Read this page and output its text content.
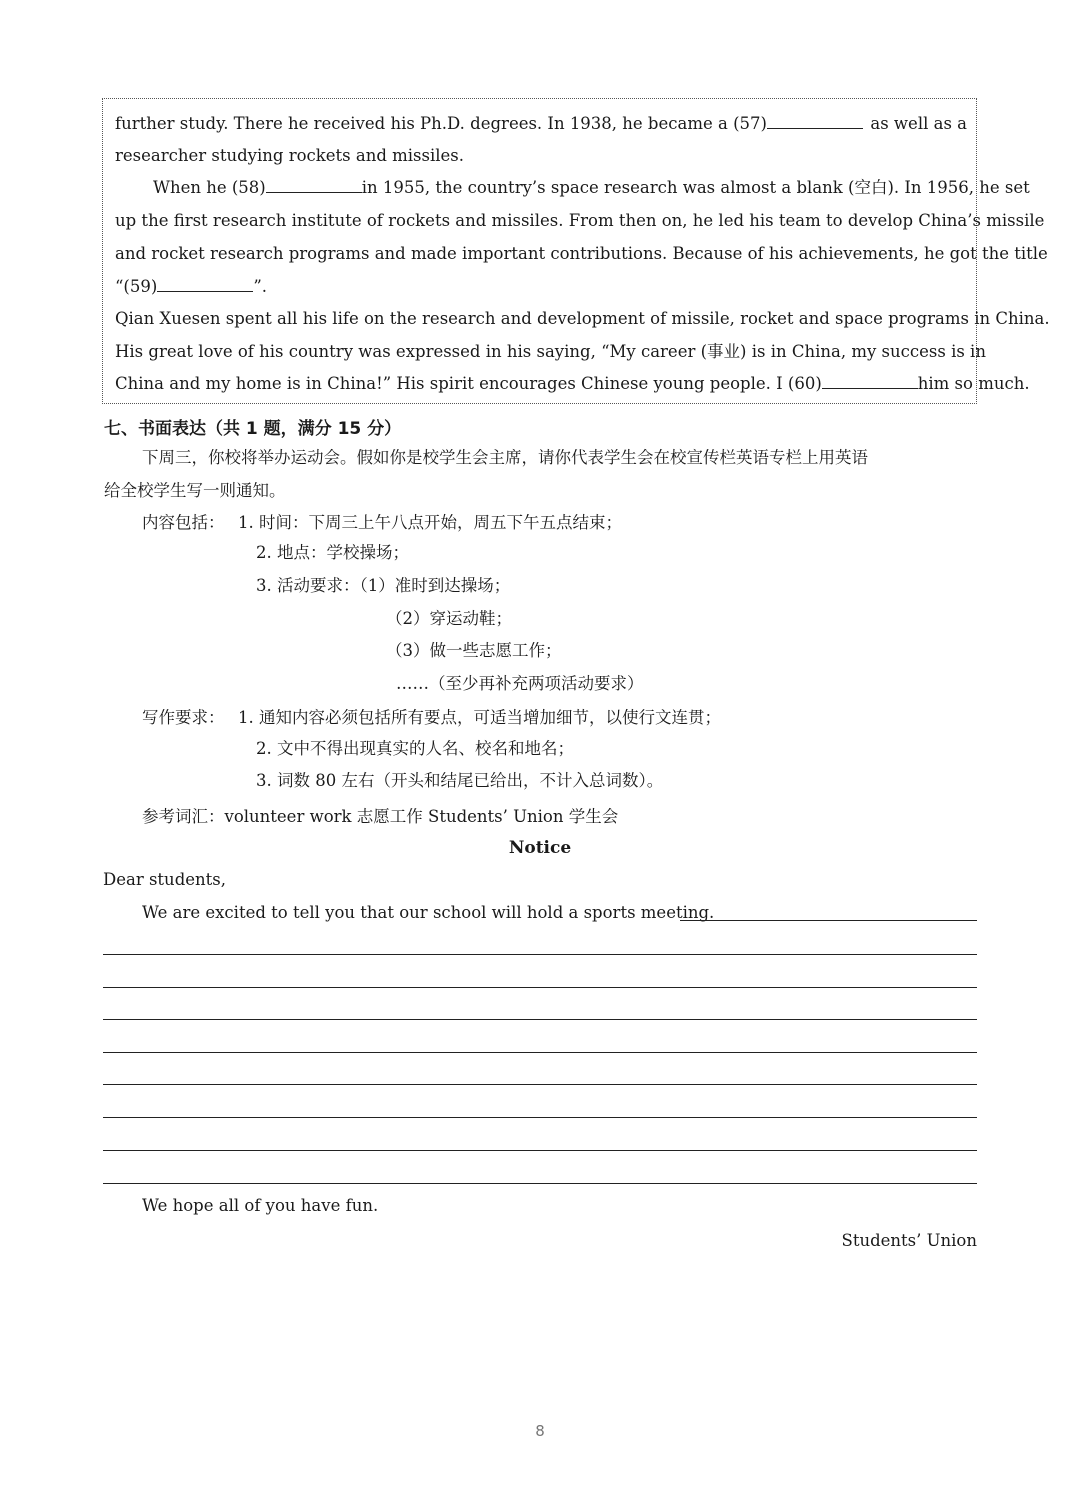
further study. There he received his Ph.D. degrees. In 1938, he became a (57)	as well as a
researcher studying rockets and missiles.
When he (58)	in 1955, the country’s space research was almost a blank (空白). In 1956, he set
up the first research institute of rockets and missiles. From then on, he led his team to develop China’s missile
and rocket research programs and made important contributions. Because of his achievements, he got the title
“(59)	”.
Qian Xuesen spent all his life on the research and development of missile, rocket and space programs in China.
His great love of his country was expressed in his saying, “My career (事业) is in China, my success is in
China and my home is in China!” His spirit encourages Chinese young people. I (60)	him so much.
七、书面表达（共 1 题，满分 15 分）
下周三，你校将举办运动会。假如你是校学生会主席，请你代表学生会在校宣传栏英语专栏上用英语
给全校学生写一则通知。
内容包括： 1. 时间：下周三上午八点开始，周五下午五点结束；
2. 地点：学校操场；
3. 活动要求：（1）准时到达操场；
（2）穿运动鞋；
（3）做一些志愿工作；
……（至少再补充两项活动要求）
写作要求： 1. 通知内容必须包括所有要点，可适当增加细节，以使行文连贯；
2. 文中不得出现真实的人名、校名和地名；
3. 词数 80 左右（开头和结尾已给出，不计入总词数）。
参考词汇：volunteer work 志愿工作 Students’ Union 学生会
Notice
Dear students,
We are excited to tell you that our school will hold a sports meeting.
We hope all of you have fun.
Students’ Union
8
